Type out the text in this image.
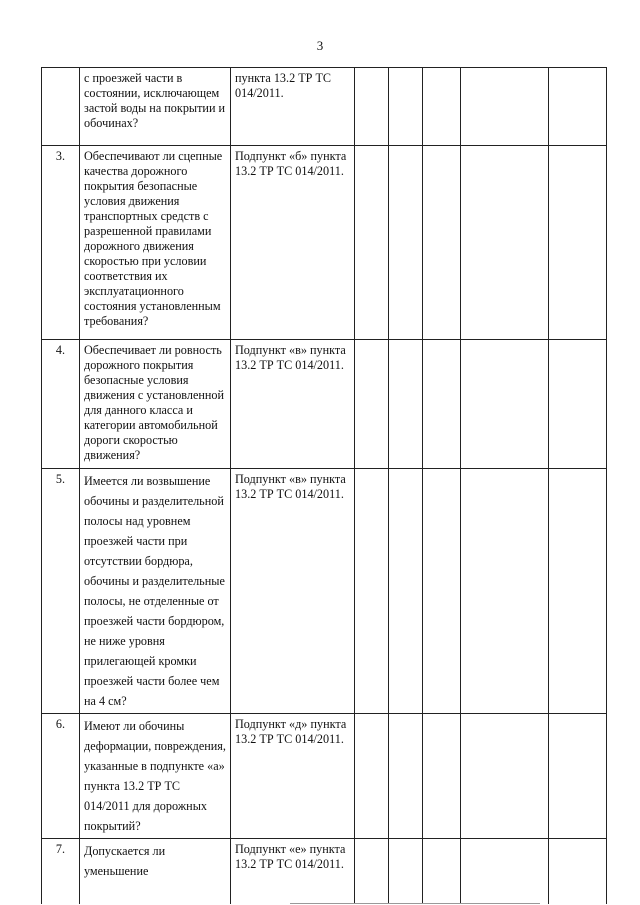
3
	с проезжей части в состоянии, исключающем застой воды на покрытии и обочинах?	пункта 13.2 ТР ТС 014/2011.					
3.	Обеспечивают ли сцепные качества дорожного покрытия безопасные условия движения транспортных средств с разрешенной правилами дорожного движения скоростью при условии соответствия их эксплуатационного состояния установленным требования?	Подпункт «б» пункта 13.2 ТР ТС 014/2011.					
4.	Обеспечивает ли ровность дорожного покрытия безопасные условия движения с установленной для данного класса и категории автомобильной дороги скоростью движения?	Подпункт «в» пункта 13.2 ТР ТС 014/2011.					
5.	Имеется ли возвышение обочины и разделительной полосы над уровнем проезжей части при отсутствии бордюра, обочины и разделительные полосы, не отделенные от проезжей части бордюром, не ниже уровня прилегающей кромки проезжей части более чем на 4 см?	Подпункт «в» пункта 13.2 ТР ТС 014/2011.					
6.	Имеют ли обочины деформации, повреждения, указанные в подпункте «а» пункта 13.2 ТР ТС 014/2011 для дорожных покрытий?	Подпункт «д» пункта 13.2 ТР ТС 014/2011.					
7.	Допускается ли уменьшение	Подпункт «е» пункта 13.2 ТР ТС 014/2011.					
